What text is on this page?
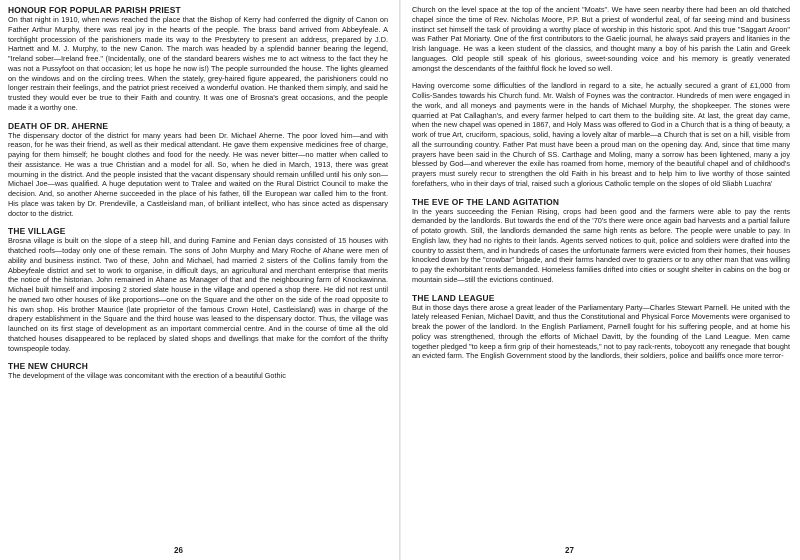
HONOUR FOR POPULAR PARISH PRIEST

On that night in 1910, when news reached the place that the Bishop of Kerry had conferred the dignity of Canon on Father Arthur Murphy, there was real joy in the hearts of the people. The brass band arrived from Abbeyfeale. A torchlight procession of the parishioners made its way to the Presbytery to present an address, prepared by J.D. Hartnett and M. J. Murphy, to the new Canon. The march was headed by a splendid banner bearing the legend, "Ireland sober—Ireland free." (Incidentally, one of the standard bearers wishes me to act witness to the fact they he was not a Pussyfoot on that occasion; let us hope he now is!) The people surrounded the house. The lights gleamed on the windows and on the circling trees. When the stately, grey-haired figure appeared, the parishioners could no longer restrain their feelings, and the patriot priest received a wonderful ovation. He thanked them simply, and said he trusted they would ever be true to their Faith and country. It was one of Brosna's great occasions, and the people made it a worthy one.

DEATH OF DR. AHERNE

The dispensary doctor of the district for many years had been Dr. Michael Aherne. The poor loved him—and with reason, for he was their friend, as well as their medical attendant. He gave them expensive medicines free of charge, paying for them himself; he bought clothes and food for the needy. He was never bitter—no matter when called to their assistance. He was a true Christian and a model for all. So, when he died in March, 1913, there was great mourning in the district. And the people insisted that the vacant dispensary should remain unfilled until his only son—Michael Joe—was qualified. A huge deputation went to Tralee and waited on the Rural District Council to make the decision. And, so another Aherne succeeded in the place of his father, till the European war called him to the front. His place was taken by Dr. Prendeville, a Castleisland man, of brilliant intellect, who has since acted as dispensary doctor to the district.

THE VILLAGE

Brosna village is built on the slope of a steep hill, and during Famine and Fenian days consisted of 15 houses with thatched roofs—today only one of these remain. The sons of John Murphy and Mary Roche of Ahane were men of ability and business instinct. Two of these, John and Michael, had married 2 sisters of the Collins family from the Abbeyfeale district and set to work to organise, in difficult days, an agricultural and merchant enterprise that merits the notice of the historian. John remained in Ahane as Manager of that and the neighbouring farm of Knockawinna. Michael built himself and imposing 2 storied slate house in the village and opened a shop there. He did not rest until he owned two other houses of like proportions—one on the Square and the other on the side of the road opposite to his own shop. His brother Maurice (late proprietor of the famous Crown Hotel, Castleisland) was in charge of the drapery establishment in the Square and the third house was leased to the dispensary doctor. Thus, the village was launched on its first stage of development as an important commercial centre. And in the course of time all the old thatched houses disappeared to be replaced by slated shops and dwellings that make for the comfort of the thrifty townspeople today.

THE NEW CHURCH

The development of the village was concomitant with the erection of a beautiful Gothic

26

Church on the level space at the top of the ancient "Moats". We have seen nearby there had been an old thatched chapel since the time of Rev. Nicholas Moore, P.P. But a priest of wonderful zeal, of far seeing mind and business instinct set himself the task of providing a worthy place of worship in this historic spot. And this true "Saggart Aroon" was Father Pat Moriarty. One of the first contributors to the Gaelic journal, he always said prayers and litanies in the Irish language. He was a keen student of the classics, and thought many a boy of his parish the Latin and Greek languages. Old people still speak of his glorious, sweet-sounding voice and his memory is greatly venerated amongst the descendants of the faithful flock he loved so well.

Having overcome some difficulties of the landlord in regard to a site, he actually secured a grant of £1,000 from Collis-Sandes towards his Church fund. Mr. Walsh of Foynes was the contractor. Hundreds of men were engaged in the work, and all moneys and payments were in the hands of Michael Murphy, the shopkeeper. The stones were quarried at Pat Callaghan's, and every farmer helped to cart them to the building site. At last, the great day came, when the new chapel was opened in 1867, and Holy Mass was offered to God in a Church that is a thing of beauty, a work of true Art, cruciform, spacious, solid, having a lovely altar of marble—a Church that is set on a hill, visible from all the surrounding country. Father Pat must have been a proud man on the opening day. And, since that time many prayers have been said in the Church of SS. Carthage and Moling, many a sorrow has been lightened, many a joy blessed by God—and wherever the exile has roamed from home, memory of the beautiful chapel and of childhood's prayers must surely recur to strengthen the old Faith in his breast and to help him to live worthy of those sainted forefathers, who in their days of trial, raised such a glorious Catholic temple on the slopes of old Sliabh Luachra'

THE EVE OF THE LAND AGITATION

In the years succeeding the Fenian Rising, crops had been good and the farmers were able to pay the rents demanded by the landlords. But towards the end of the '70's there were once again bad harvests and a partial failure of potato growth. Still, the landlords demanded the same high rents as before. The people were unable to pay. In English law, they had no rights to their lands. Agents served notices to quit, police and soldiers were drafted into the country to assist them, and in hundreds of cases the unfortunate farmers were evicted from their homes, their houses knocked down by the "crowbar" brigade, and their farms handed over to graziers or to any other man that was willing to pay the exhorbitant rents demanded. Homeless families drifted into cities or sought shelter in cabins on the bog or mountain side—still the evictions continued.

THE LAND LEAGUE

But in those days there arose a great leader of the Parliamentary Party—Charles Stewart Parnell. He united with the lately released Fenian, Michael Davitt, and thus the Constitutional and Physical Force Movements were organised to break the power of the landlord. In the English Parliament, Parnell fought for his suffering people, and at home his policy was strengthened, through the efforts of Michael Davitt, by the founding of the Land League. Men came together pledged "to keep a firm grip of their homesteads," not to pay rack-rents, toboycott any renegade that bought an evicted farm. The English Government stood by the landlords, their soldiers, police and bailiffs once more terror-

27
